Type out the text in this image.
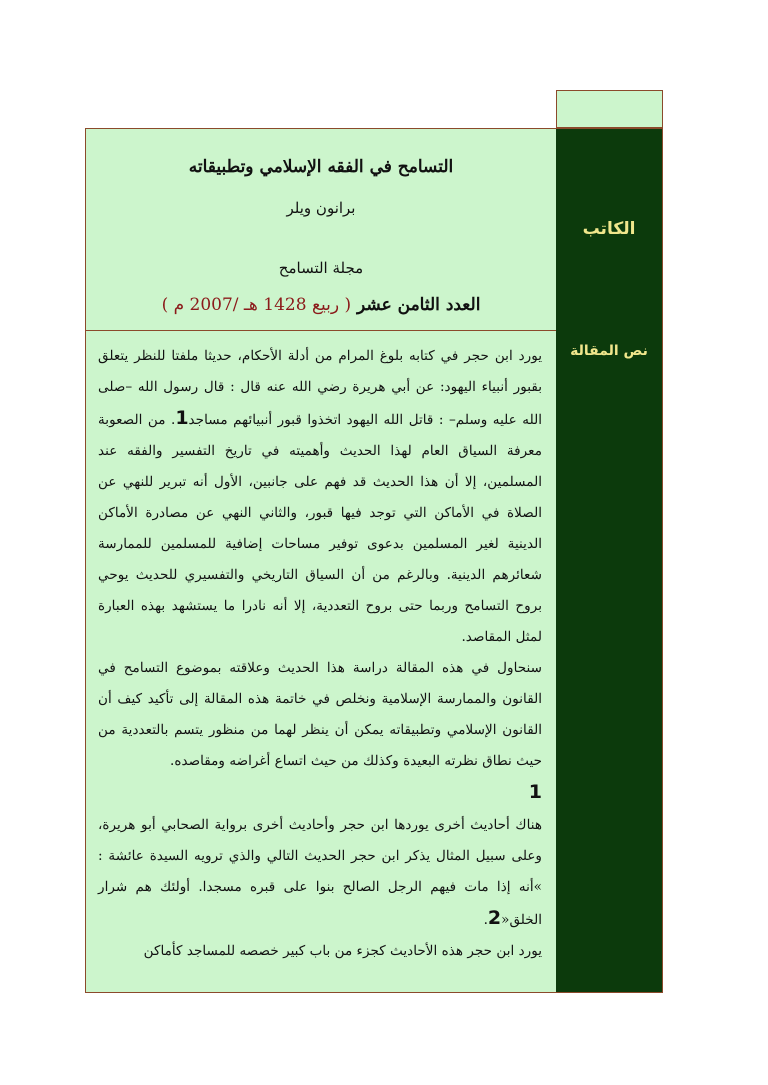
الكاتب
نص المقالة
التسامح في الفقه الإسلامي وتطبيقاته
برانون ويلر
مجلة التسامح
العدد الثامن عشر ( ربيع 1428 هـ /2007 م )

يورد ابن حجر في كتابه بلوغ المرام من أدلة الأحكام، حديثا ملفتا للنظر يتعلق بقبور أنبياء اليهود: عن أبي هريرة رضي الله عنه قال : قال رسول الله –صلى الله عليه وسلم– : قاتل الله اليهود اتخذوا قبور أنبيائهم مساجد1. من الصعوبة معرفة السياق العام لهذا الحديث وأهميته في تاريخ التفسير والفقه عند المسلمين، إلا أن هذا الحديث قد فهم على جانبين، الأول أنه تبرير للنهي عن الصلاة في الأماكن التي توجد فيها قبور، والثاني النهي عن مصادرة الأماكن الدينية لغير المسلمين بدعوى توفير مساحات إضافية للمسلمين للممارسة شعائرهم الدينية. وبالرغم من أن السياق التاريخي والتفسيري للحديث يوحي بروح التسامح وربما حتى بروح التعددية، إلا أنه نادرا ما يستشهد بهذه العبارة لمثل المقاصد.

سنحاول في هذه المقالة دراسة هذا الحديث وعلاقته بموضوع التسامح في القانون والممارسة الإسلامية ونخلص في خاتمة هذه المقالة إلى تأكيد كيف أن القانون الإسلامي وتطبيقاته يمكن أن ينظر لهما من منظور يتسم بالتعددية من حيث نطاق نظرته البعيدة وكذلك من حيث اتساع أغراضه ومقاصده.

1

هناك أحاديث أخرى يوردها ابن حجر وأحاديث أخرى برواية الصحابي أبو هريرة، وعلى سبيل المثال يذكر ابن حجر الحديث التالي والذي ترويه السيدة عائشة : »أنه إذا مات فيهم الرجل الصالح بنوا على قبره مسجدا. أولئك هم شرار الخلق«2.

يورد ابن حجر هذه الأحاديث كجزء من باب كبير خصصه للمساجد كأماكن
